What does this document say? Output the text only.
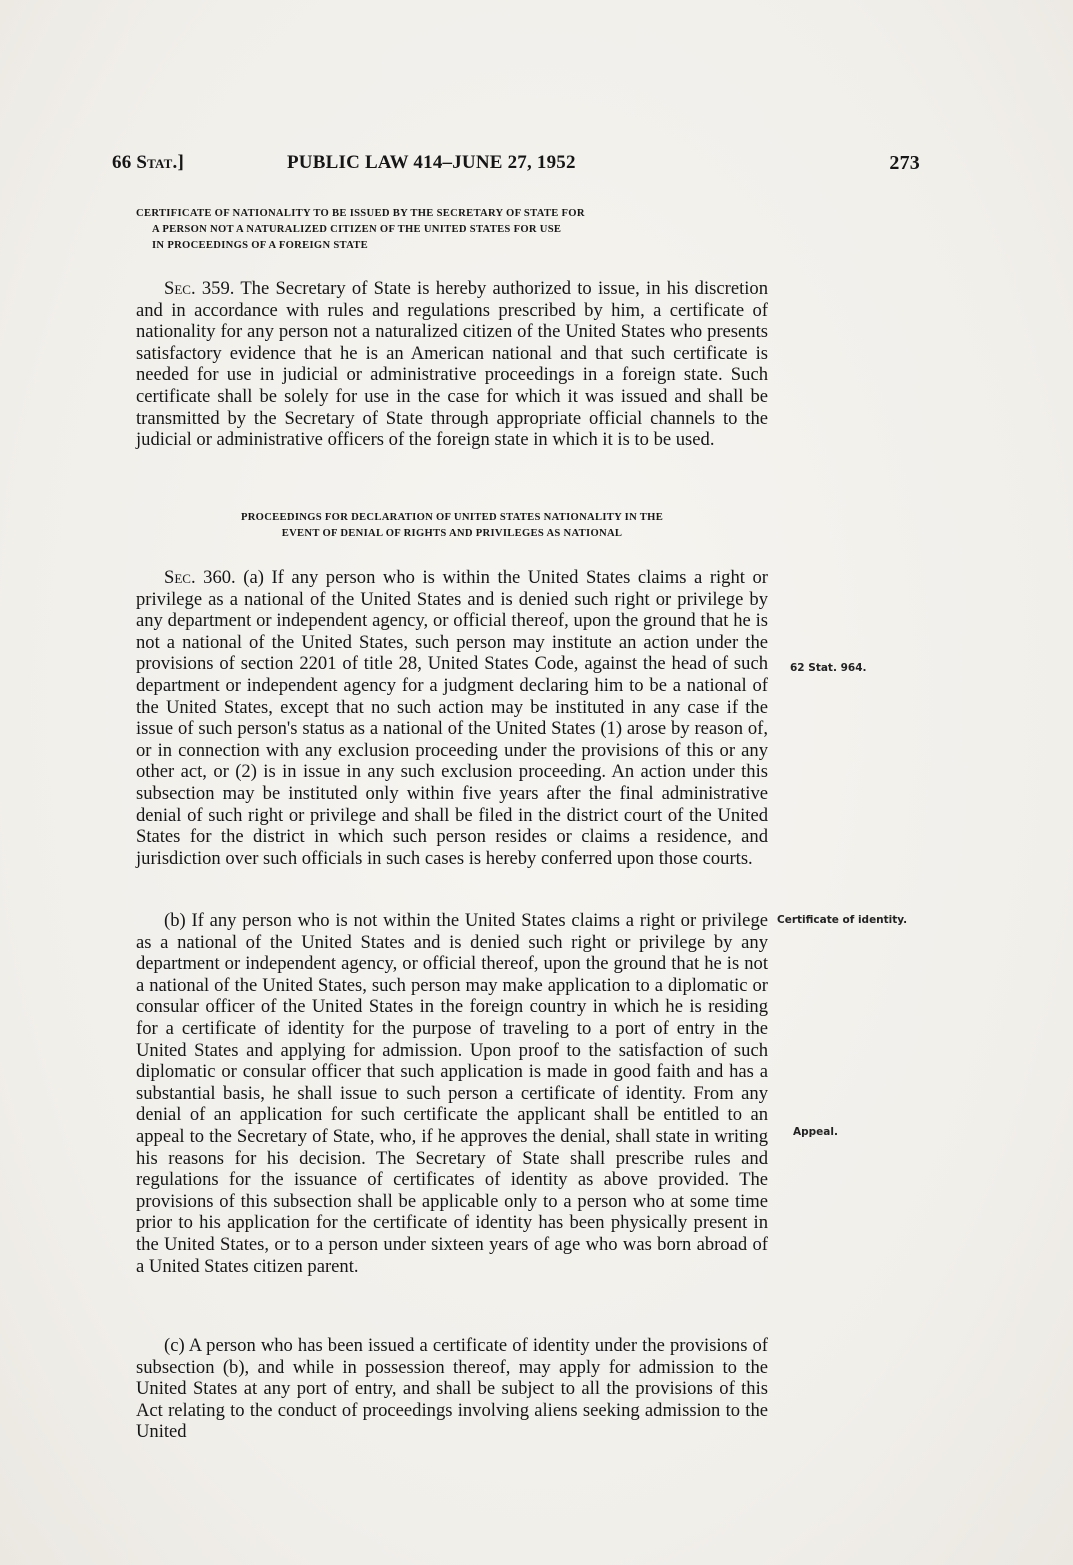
66 Stat.]	PUBLIC LAW 414–JUNE 27, 1952	273
CERTIFICATE OF NATIONALITY TO BE ISSUED BY THE SECRETARY OF STATE FOR
A PERSON NOT A NATURALIZED CITIZEN OF THE UNITED STATES FOR USE
IN PROCEEDINGS OF A FOREIGN STATE

Sec. 359. The Secretary of State is hereby authorized to issue, in his discretion and in accordance with rules and regulations prescribed by him, a certificate of nationality for any person not a naturalized citizen of the United States who presents satisfactory evidence that he is an American national and that such certificate is needed for use in judicial or administrative proceedings in a foreign state. Such certificate shall be solely for use in the case for which it was issued and shall be transmitted by the Secretary of State through appropriate official channels to the judicial or administrative officers of the foreign state in which it is to be used.

PROCEEDINGS FOR DECLARATION OF UNITED STATES NATIONALITY IN THE
EVENT OF DENIAL OF RIGHTS AND PRIVILEGES AS NATIONAL

Sec. 360. (a) If any person who is within the United States claims a right or privilege as a national of the United States and is denied such right or privilege by any department or independent agency, or official thereof, upon the ground that he is not a national of the United States, such person may institute an action under the provisions of section 2201 of title 28, United States Code, against the head of such department or independent agency for a judgment declaring him to be a national of the United States, except that no such action may be instituted in any case if the issue of such person's status as a national of the United States (1) arose by reason of, or in connection with any exclusion proceeding under the provisions of this or any other act, or (2) is in issue in any such exclusion proceeding. An action under this subsection may be instituted only within five years after the final administrative denial of such right or privilege and shall be filed in the district court of the United States for the district in which such person resides or claims a residence, and jurisdiction over such officials in such cases is hereby conferred upon those courts.

(b) If any person who is not within the United States claims a right or privilege as a national of the United States and is denied such right or privilege by any department or independent agency, or official thereof, upon the ground that he is not a national of the United States, such person may make application to a diplomatic or consular officer of the United States in the foreign country in which he is residing for a certificate of identity for the purpose of traveling to a port of entry in the United States and applying for admission. Upon proof to the satisfaction of such diplomatic or consular officer that such application is made in good faith and has a substantial basis, he shall issue to such person a certificate of identity. From any denial of an application for such certificate the applicant shall be entitled to an appeal to the Secretary of State, who, if he approves the denial, shall state in writing his reasons for his decision. The Secretary of State shall prescribe rules and regulations for the issuance of certificates of identity as above provided. The provisions of this subsection shall be applicable only to a person who at some time prior to his application for the certificate of identity has been physically present in the United States, or to a person under sixteen years of age who was born abroad of a United States citizen parent.

(c) A person who has been issued a certificate of identity under the provisions of subsection (b), and while in possession thereof, may apply for admission to the United States at any port of entry, and shall be subject to all the provisions of this Act relating to the conduct of proceedings involving aliens seeking admission to the United

62 Stat. 964.
Certificate of identity.
Appeal.
